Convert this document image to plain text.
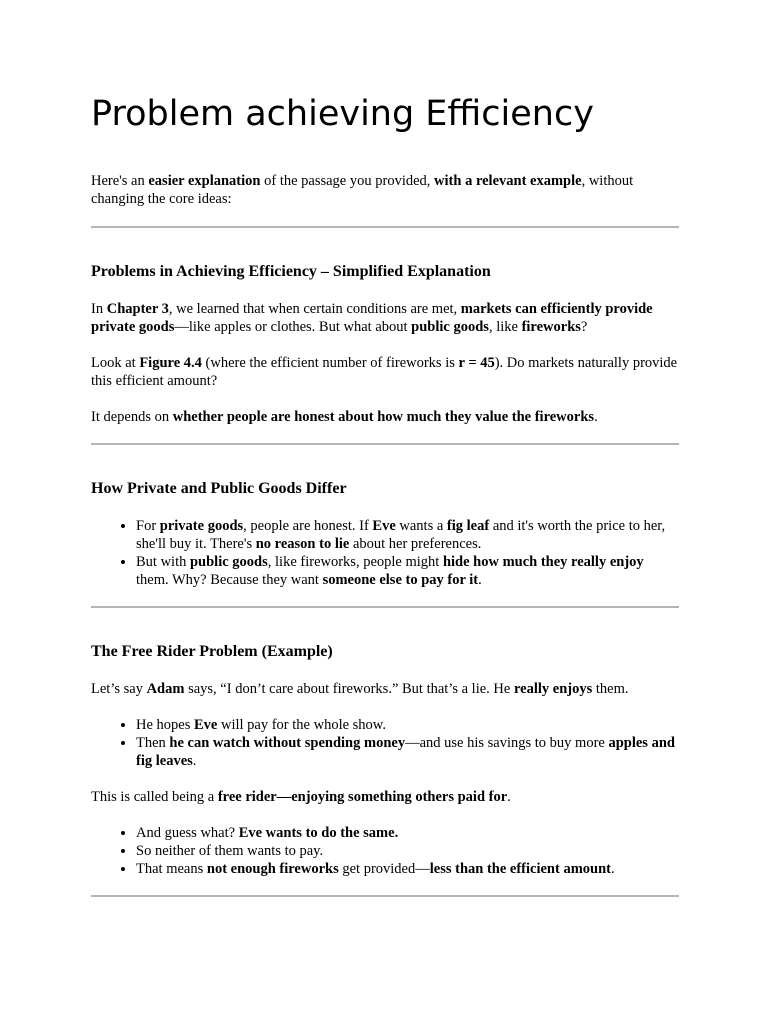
Problem achieving Efficiency

Here's an easier explanation of the passage you provided, with a relevant example, without changing the core ideas:

Problems in Achieving Efficiency – Simplified Explanation

In Chapter 3, we learned that when certain conditions are met, markets can efficiently provide private goods—like apples or clothes. But what about public goods, like fireworks?

Look at Figure 4.4 (where the efficient number of fireworks is r = 45). Do markets naturally provide this efficient amount?

It depends on whether people are honest about how much they value the fireworks.

How Private and Public Goods Differ
• For private goods, people are honest. If Eve wants a fig leaf and it's worth the price to her, she'll buy it. There's no reason to lie about her preferences.
• But with public goods, like fireworks, people might hide how much they really enjoy them. Why? Because they want someone else to pay for it.
The Free Rider Problem (Example)

Let’s say Adam says, “I don’t care about fireworks.” But that’s a lie. He really enjoys them.

• He hopes Eve will pay for the whole show.
• Then he can watch without spending money—and use his savings to buy more apples and fig leaves.

This is called being a free rider—enjoying something others paid for.

• And guess what? Eve wants to do the same.
• So neither of them wants to pay.
• That means not enough fireworks get provided—less than the efficient amount.
